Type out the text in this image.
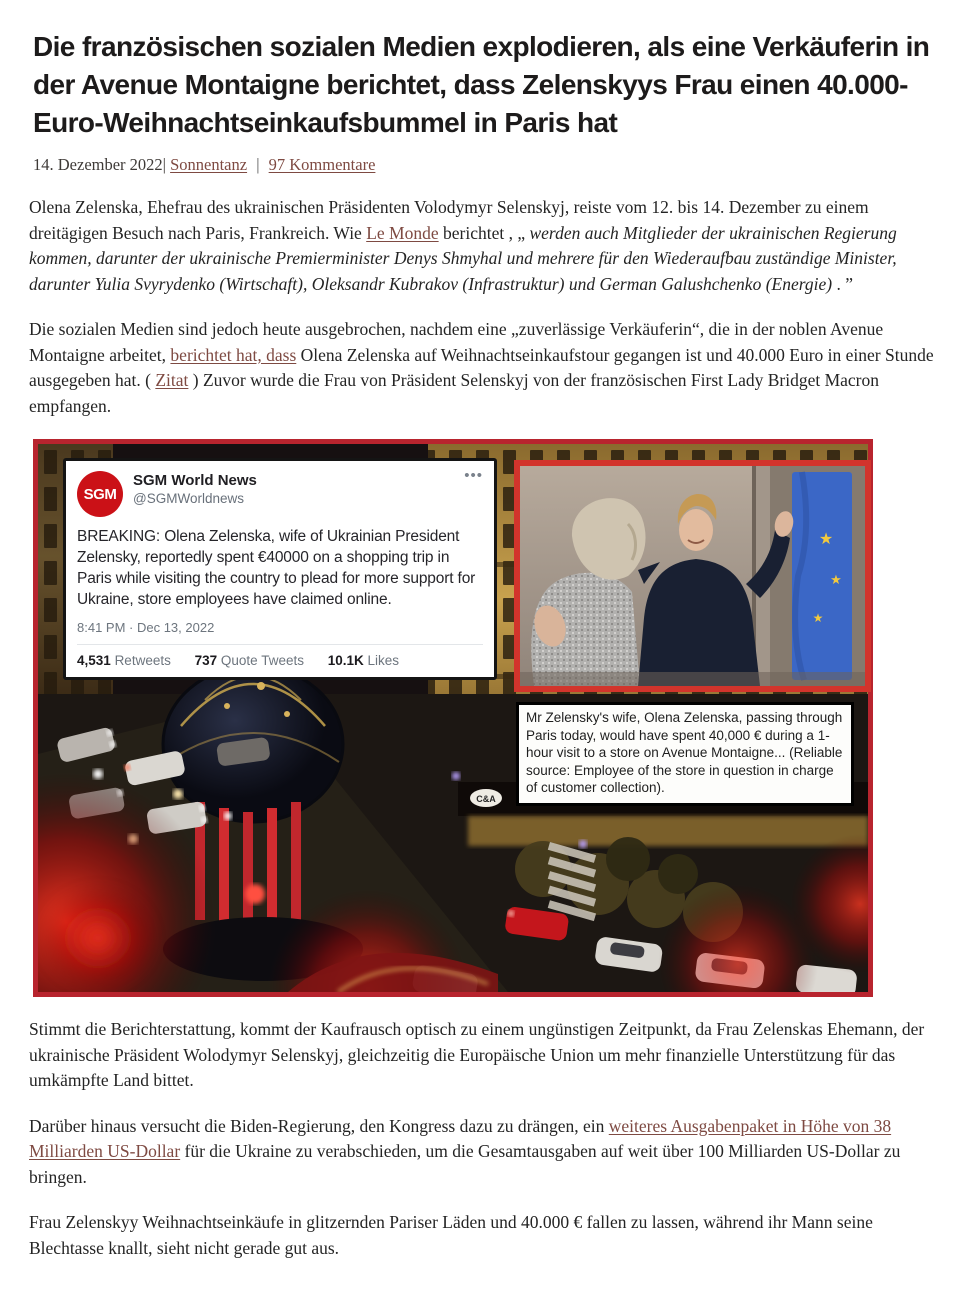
Die französischen sozialen Medien explodieren, als eine Verkäuferin in der Avenue Montaigne berichtet, dass Zelenskyys Frau einen 40.000-Euro-Weihnachtseinkaufsbummel in Paris hat
14. Dezember 2022| Sonnentanz | 97 Kommentare

Olena Zelenska, Ehefrau des ukrainischen Präsidenten Volodymyr Selenskyj, reiste vom 12. bis 14. Dezember zu einem dreitägigen Besuch nach Paris, Frankreich. Wie Le Monde berichtet , „ werden auch Mitglieder der ukrainischen Regierung kommen, darunter der ukrainische Premierminister Denys Shmyhal und mehrere für den Wiederaufbau zuständige Minister, darunter Yulia Svyrydenko (Wirtschaft), Oleksandr Kubrakov (Infrastruktur) und German Galushchenko (Energie) . ”

Die sozialen Medien sind jedoch heute ausgebrochen, nachdem eine „zuverlässige Verkäuferin“, die in der noblen Avenue Montaigne arbeitet, berichtet hat, dass Olena Zelenska auf Weihnachtseinkaufstour gegangen ist und 40.000 Euro in einer Stunde ausgegeben hat. ( Zitat ) Zuvor wurde die Frau von Präsident Selenskyj von der französischen First Lady Bridget Macron empfangen.

C&A
SGM
SGM World News
@SGMWorldnews
•••
BREAKING: Olena Zelenska, wife of Ukrainian President Zelensky, reportedly spent €40000 on a shopping trip in Paris while visiting the country to plead for more support for Ukraine, store employees have claimed online.
8:41 PM · Dec 13, 2022
4,531 Retweets 737 Quote Tweets 10.1K Likes
★
★
★
Mr Zelensky's wife, Olena Zelenska, passing through Paris today, would have spent 40,000 € during a 1-hour visit to a store on Avenue Montaigne... (Reliable source: Employee of the store in question in charge of customer collection).

Stimmt die Berichterstattung, kommt der Kaufrausch optisch zu einem ungünstigen Zeitpunkt, da Frau Zelenskas Ehemann, der ukrainische Präsident Wolodymyr Selenskyj, gleichzeitig die Europäische Union um mehr finanzielle Unterstützung für das umkämpfte Land bittet.

Darüber hinaus versucht die Biden-Regierung, den Kongress dazu zu drängen, ein weiteres Ausgabenpaket in Höhe von 38 Milliarden US-Dollar für die Ukraine zu verabschieden, um die Gesamtausgaben auf weit über 100 Milliarden US-Dollar zu bringen.

Frau Zelenskyy Weihnachtseinkäufe in glitzernden Pariser Läden und 40.000 € fallen zu lassen, während ihr Mann seine Blechtasse knallt, sieht nicht gerade gut aus.
